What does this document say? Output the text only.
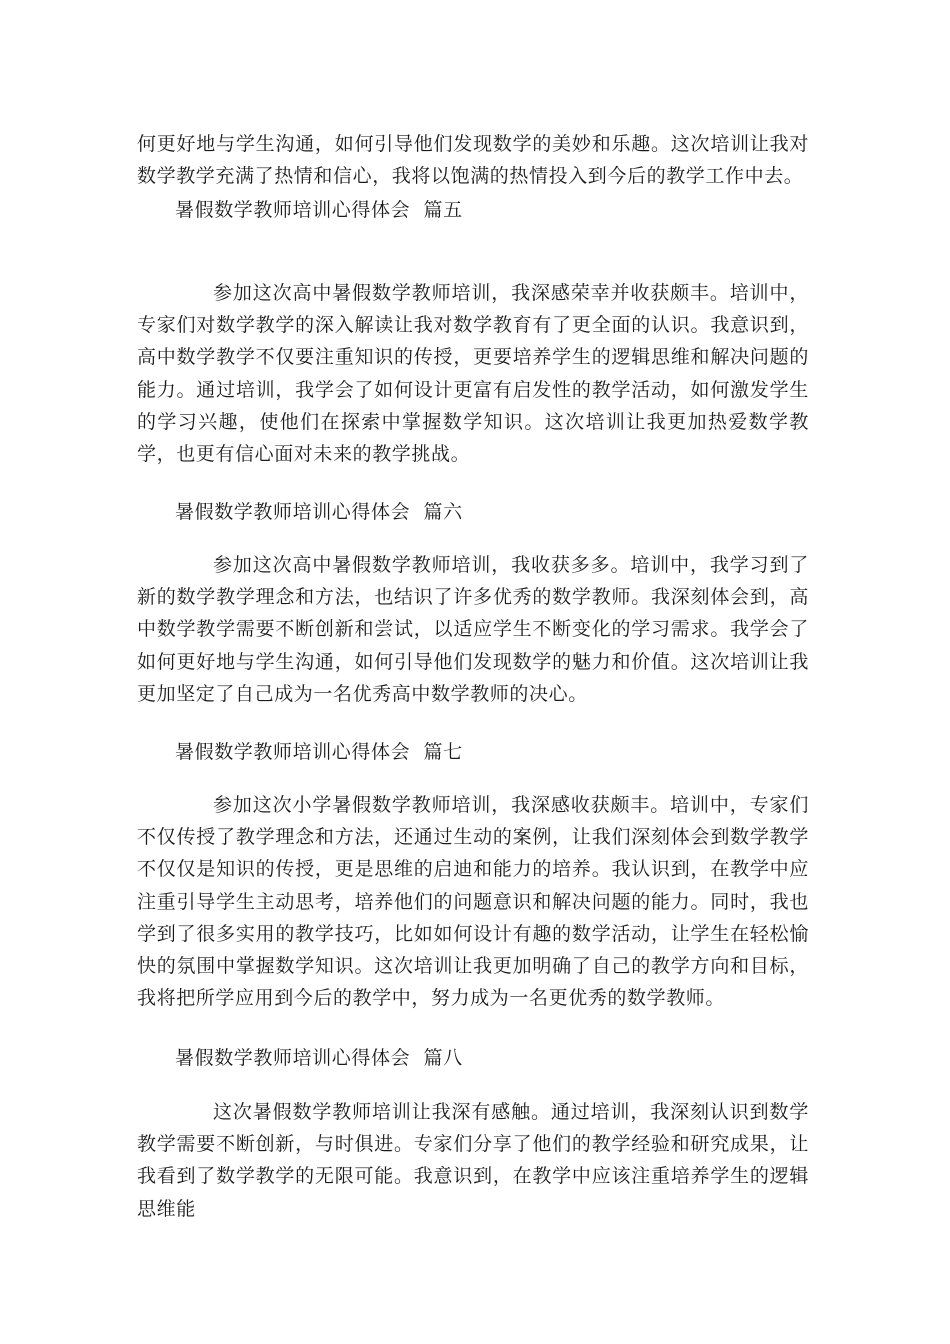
何更好地与学生沟通，如何引导他们发现数学的美妙和乐趣。这次培训让我对数学教学充满了热情和信心，我将以饱满的热情投入到今后的教学工作中去。

暑假数学教师培训心得体会  篇五

参加这次高中暑假数学教师培训，我深感荣幸并收获颇丰。培训中，专家们对数学教学的深入解读让我对数学教育有了更全面的认识。我意识到，高中数学教学不仅要注重知识的传授，更要培养学生的逻辑思维和解决问题的能力。通过培训，我学会了如何设计更富有启发性的教学活动，如何激发学生的学习兴趣，使他们在探索中掌握数学知识。这次培训让我更加热爱数学教学，也更有信心面对未来的教学挑战。

暑假数学教师培训心得体会  篇六

参加这次高中暑假数学教师培训，我收获多多。培训中，我学习到了新的数学教学理念和方法，也结识了许多优秀的数学教师。我深刻体会到，高中数学教学需要不断创新和尝试，以适应学生不断变化的学习需求。我学会了如何更好地与学生沟通，如何引导他们发现数学的魅力和价值。这次培训让我更加坚定了自己成为一名优秀高中数学教师的决心。

暑假数学教师培训心得体会  篇七

参加这次小学暑假数学教师培训，我深感收获颇丰。培训中，专家们不仅传授了教学理念和方法，还通过生动的案例，让我们深刻体会到数学教学不仅仅是知识的传授，更是思维的启迪和能力的培养。我认识到，在教学中应注重引导学生主动思考，培养他们的问题意识和解决问题的能力。同时，我也学到了很多实用的教学技巧，比如如何设计有趣的数学活动，让学生在轻松愉快的氛围中掌握数学知识。这次培训让我更加明确了自己的教学方向和目标，我将把所学应用到今后的教学中，努力成为一名更优秀的数学教师。

暑假数学教师培训心得体会  篇八

这次暑假数学教师培训让我深有感触。通过培训，我深刻认识到数学教学需要不断创新，与时俱进。专家们分享了他们的教学经验和研究成果，让我看到了数学教学的无限可能。我意识到，在教学中应该注重培养学生的逻辑思维能
